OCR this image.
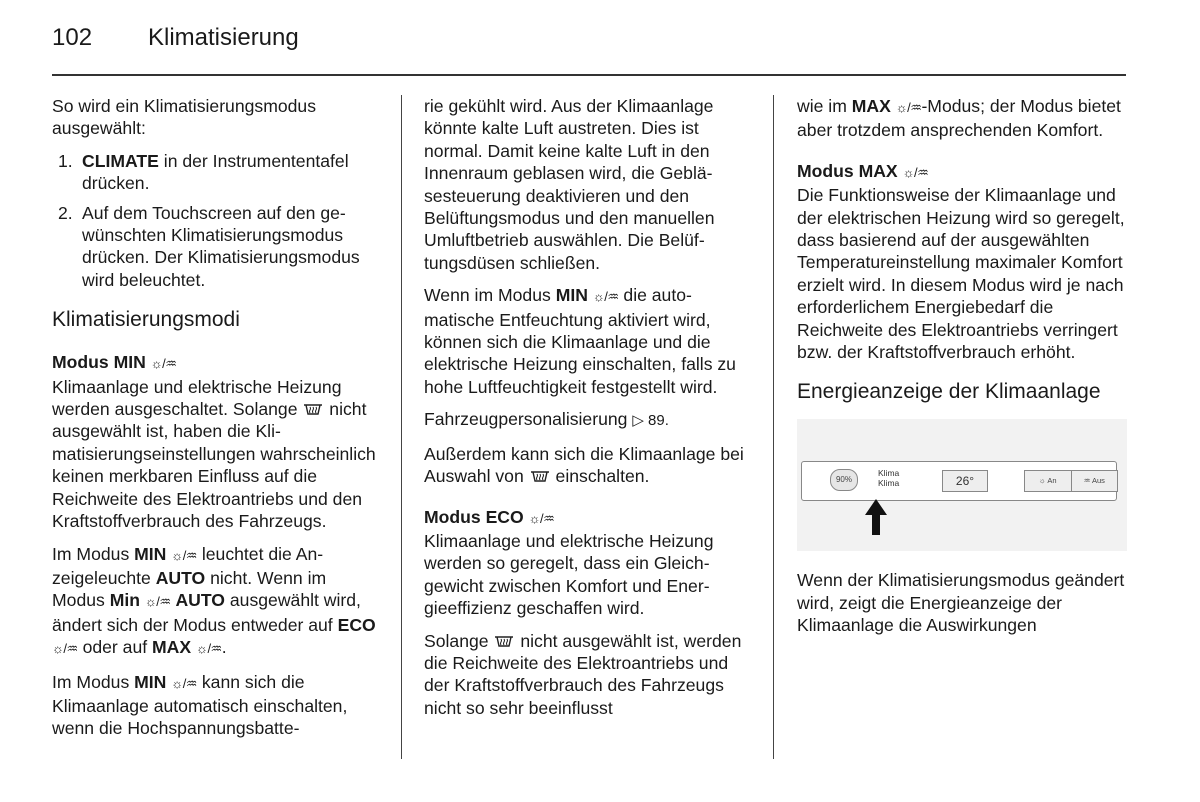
102	Klimatisierung

So wird ein Klimatisierungsmodus ausgewählt:

1. CLIMATE in der Instrumententafel drücken.
2. Auf dem Touchscreen auf den gewünschten Klimatisierungsmodus drücken. Der Klimatisierungsmodus wird beleuchtet.
Klimatisierungsmodi
Modus MIN ☼/♒

Klimaanlage und elektrische Heizung werden ausgeschaltet. Solange  nicht ausgewählt ist, haben die Klimatisierungseinstellungen wahrscheinlich keinen merkbaren Einfluss auf die Reichweite des Elektroantriebs und den Kraftstoffverbrauch des Fahrzeugs.

Im Modus MIN ☼/♒ leuchtet die Anzeigeleuchte AUTO nicht. Wenn im Modus Min ☼/♒ AUTO ausgewählt wird, ändert sich der Modus entweder auf ECO ☼/♒ oder auf MAX ☼/♒.

Im Modus MIN ☼/♒ kann sich die Klimaanlage automatisch einschalten, wenn die Hochspannungsbatte-

rie gekühlt wird. Aus der Klimaanlage könnte kalte Luft austreten. Dies ist normal. Damit keine kalte Luft in den Innenraum geblasen wird, die Gebläsesteuerung deaktivieren und den Belüftungsmodus und den manuellen Umluftbetrieb auswählen. Die Belüftungsdüsen schließen.

Wenn im Modus MIN ☼/♒ die automatische Entfeuchtung aktiviert wird, können sich die Klimaanlage und die elektrische Heizung einschalten, falls zu hohe Luftfeuchtigkeit festgestellt wird.

Fahrzeugpersonalisierung ▷ 89.

Außerdem kann sich die Klimaanlage bei Auswahl von  einschalten.

Modus ECO ☼/♒

Klimaanlage und elektrische Heizung werden so geregelt, dass ein Gleichgewicht zwischen Komfort und Energieeffizienz geschaffen wird.

Solange  nicht ausgewählt ist, werden die Reichweite des Elektroantriebs und der Kraftstoffverbrauch des Fahrzeugs nicht so sehr beeinflusst

wie im MAX ☼/♒-Modus; der Modus bietet aber trotzdem ansprechenden Komfort.

Modus MAX ☼/♒

Die Funktionsweise der Klimaanlage und der elektrischen Heizung wird so geregelt, dass basierend auf der ausgewählten Temperatureinstellung maximaler Komfort erzielt wird. In diesem Modus wird je nach erforderlichem Energiebedarf die Reichweite des Elektroantriebs verringert bzw. der Kraftstoffverbrauch erhöht.

Energieanzeige der Klimaanlage
90%
Klima
Klima	26°	☼ An	♒ Aus

Wenn der Klimatisierungsmodus geändert wird, zeigt die Energieanzeige der Klimaanlage die Auswirkungen
